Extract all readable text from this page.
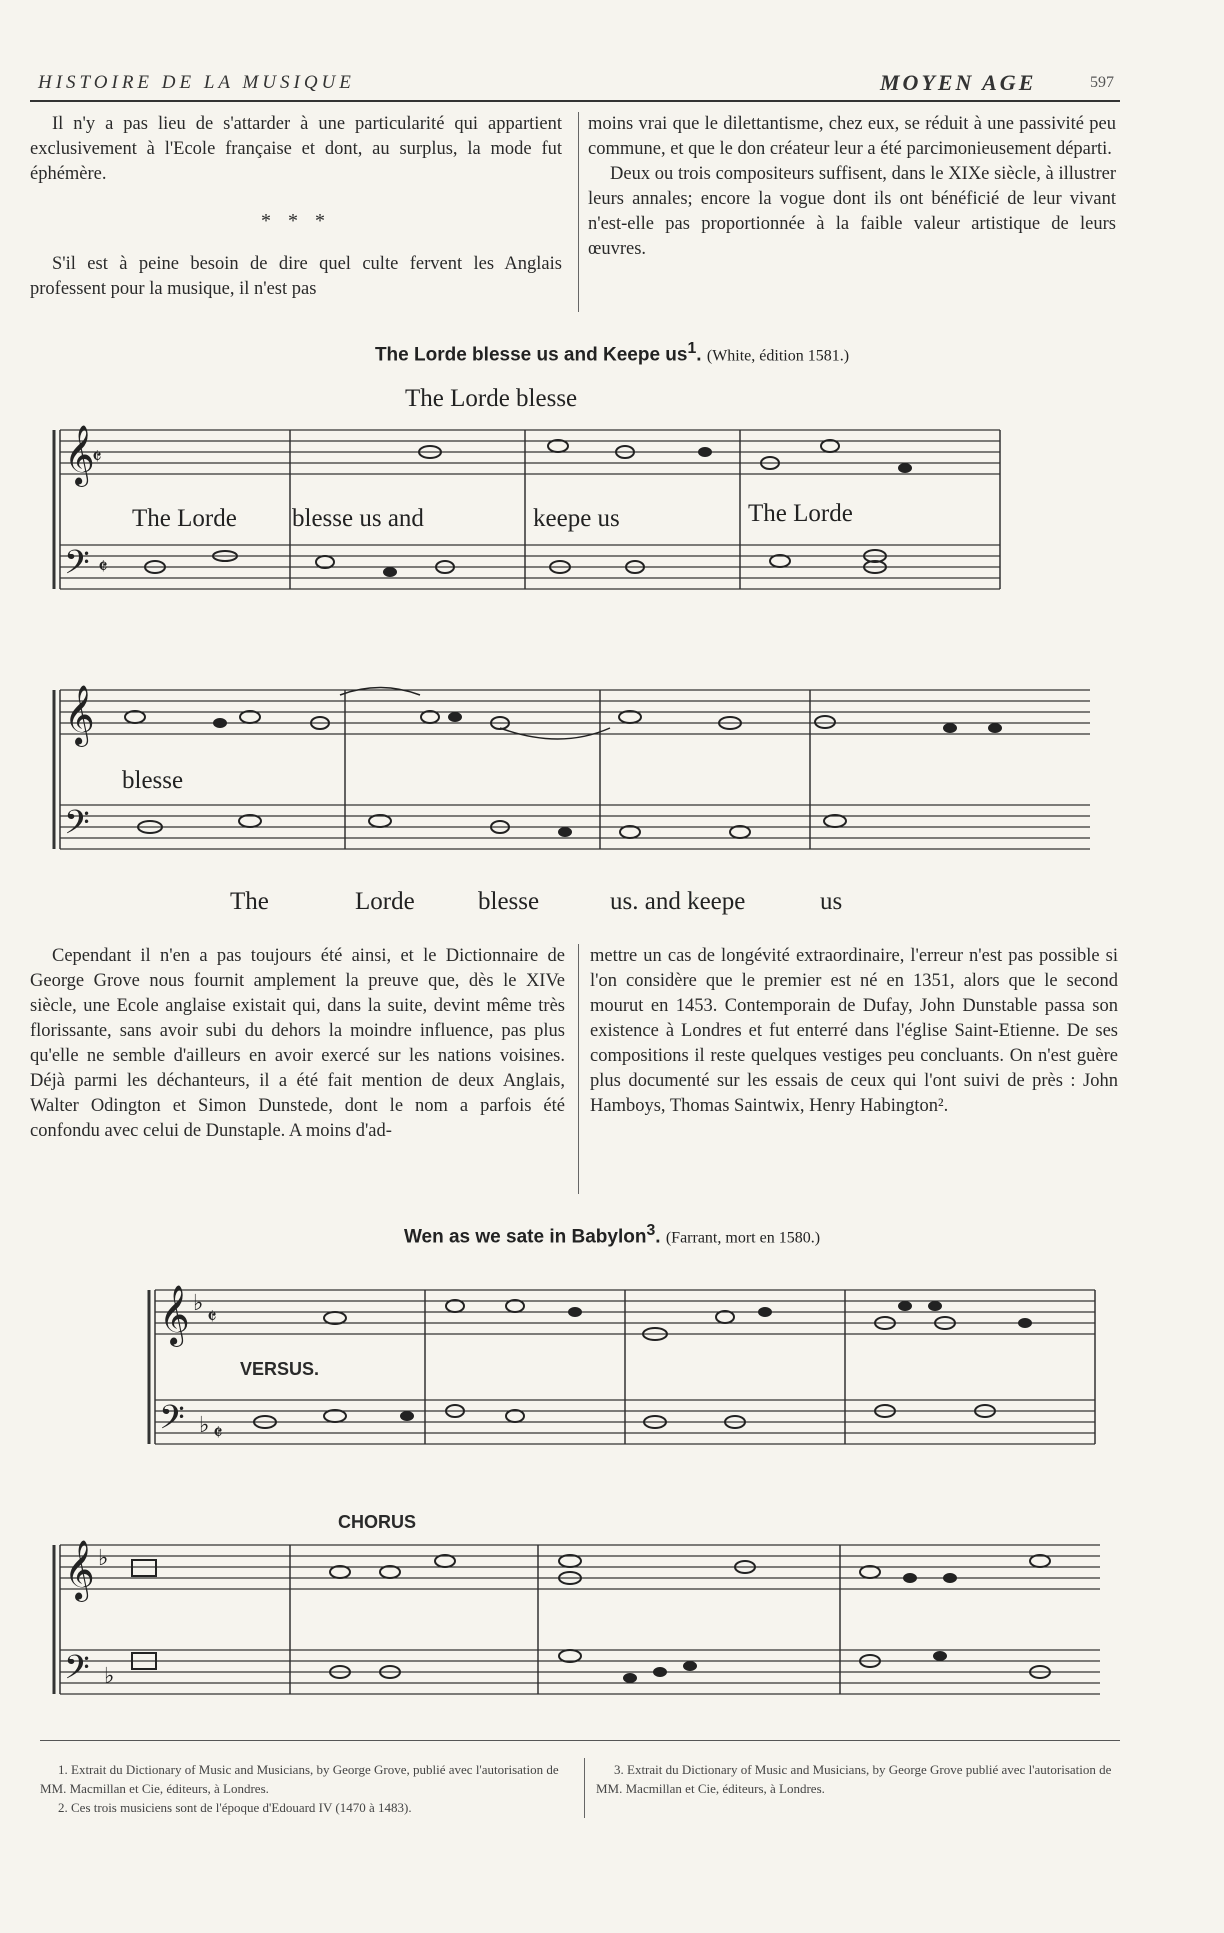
HISTOIRE DE LA MUSIQUE	MOYEN AGE	597

Il n'y a pas lieu de s'attarder à une particularité qui appartient exclusivement à l'Ecole française et dont, au surplus, la mode fut éphémère.

* * *

S'il est à peine besoin de dire quel culte fervent les Anglais professent pour la musique, il n'est pas

moins vrai que le dilettantisme, chez eux, se réduit à une passivité peu commune, et que le don créateur leur a été parcimonieusement départi.

Deux ou trois compositeurs suffisent, dans le XIXe siècle, à illustrer leurs annales; encore la vogue dont ils ont bénéficié de leur vivant n'est-elle pas proportionnée à la faible valeur artistique de leurs œuvres.

The Lorde blesse us and Keepe $us^1$. (White, édition 1581.)
The Lorde blesse
𝄞
𝄵
𝄢 𝄵
The Lorde blesse us and	keepe us	The Lorde
𝄞
𝄢
blesse
The	Lorde	blesse	us. and keepe	us

Cependant il n'en a pas toujours été ainsi, et le Dictionnaire de George Grove nous fournit amplement la preuve que, dès le XIVe siècle, une Ecole anglaise existait qui, dans la suite, devint même très florissante, sans avoir subi du dehors la moindre influence, pas plus qu'elle ne semble d'ailleurs en avoir exercé sur les nations voisines. Déjà parmi les déchanteurs, il a été fait mention de deux Anglais, Walter Odington et Simon Dunstede, dont le nom a parfois été confondu avec celui de Dunstaple. A moins d'ad-

mettre un cas de longévité extraordinaire, l'erreur n'est pas possible si l'on considère que le premier est né en 1351, alors que le second mourut en 1453. Contemporain de Dufay, John Dunstable passa son existence à Londres et fut enterré dans l'église Saint-Etienne. De ses compositions il reste quelques vestiges peu concluants. On n'est guère plus documenté sur les essais de ceux qui l'ont suivi de près : John Hamboys, Thomas Saintwix, Henry Habington².

Wen as we sate in Babylon$^3$. (Farrant, mort en 1580.)
𝄞 ♭
𝄵
𝄢 ♭ 𝄵
VERSUS.
𝄞 ♭
𝄢 ♭
CHORUS

1. Extrait du Dictionary of Music and Musicians, by George Grove, publié avec l'autorisation de MM. Macmillan et Cie, éditeurs, à Londres.

2. Ces trois musiciens sont de l'époque d'Edouard IV (1470 à 1483).

3. Extrait du Dictionary of Music and Musicians, by George Grove publié avec l'autorisation de MM. Macmillan et Cie, éditeurs, à Londres.
